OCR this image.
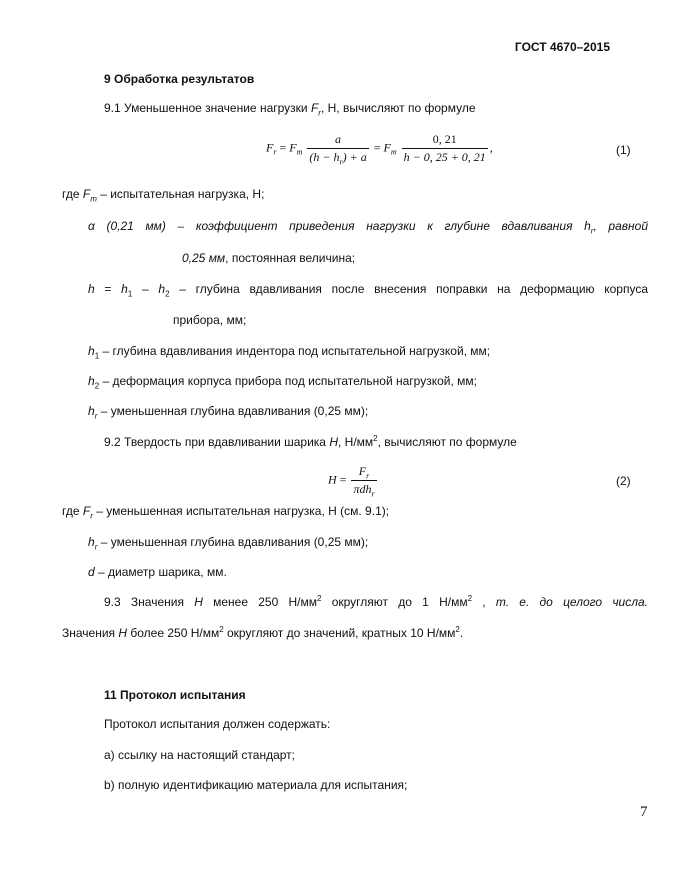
ГОСТ 4670–2015
9 Обработка результатов
9.1 Уменьшенное значение нагрузки $F_r$, Н, вычисляют по формуле
$F_r = F_m \frac{a}{(h - h_r) + a} = F_m \frac{0, 21}{h - 0, 25 + 0, 21}$ ,	(1)
где $F_m$ – испытательная нагрузка, Н;
α (0,21 мм) – коэффициент приведения нагрузки к глубине вдавливания $h_r$, равной
0,25 мм, постоянная величина;
$h = h_1 - h_2$ – глубина вдавливания после внесения поправки на деформацию корпуса
прибора, мм;
$h_1$ – глубина вдавливания индентора под испытательной нагрузкой, мм;
$h_2$ – деформация корпуса прибора под испытательной нагрузкой, мм;
$h_r$ – уменьшенная глубина вдавливания (0,25 мм);
9.2 Твердость при вдавливании шарика H, $Н/мм^2$, вычисляют по формуле
$H = \frac{F_r}{\pi dh_r}$	(2)
где $F_r$ – уменьшенная испытательная нагрузка, Н (см. 9.1);
$h_r$ – уменьшенная глубина вдавливания (0,25 мм);
d – диаметр шарика, мм.
9.3 Значения H менее 250 $Н/мм^2$ округляют до 1 $Н/мм^2$ , т. е. до целого числа.
Значения H более 250 $Н/мм^2$ округляют до значений, кратных 10 $Н/мм^2$.
11 Протокол испытания
Протокол испытания должен содержать:
а) ссылку на настоящий стандарт;
b) полную идентификацию материала для испытания;
7
